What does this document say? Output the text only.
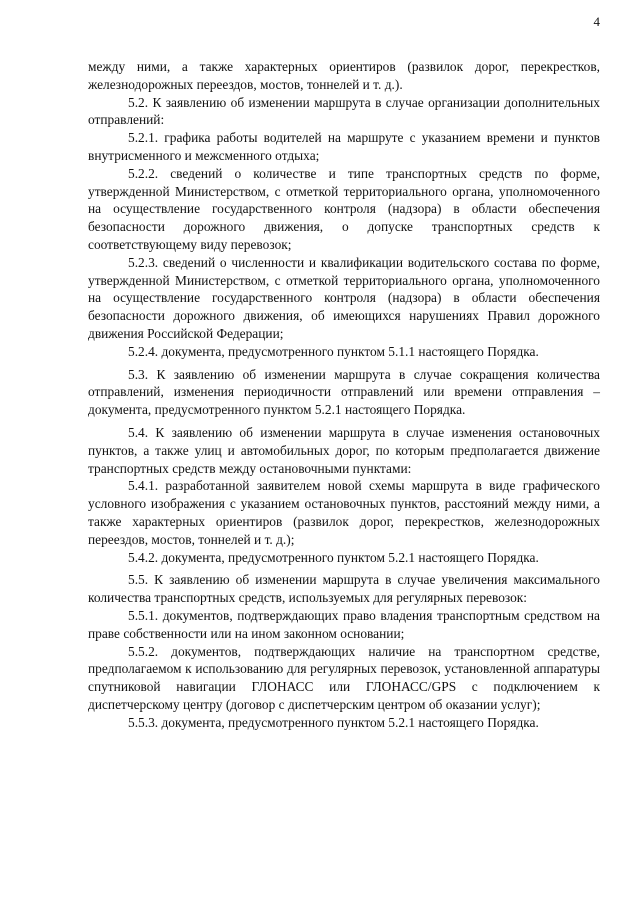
4

между ними, а также характерных ориентиров (развилок дорог, перекрестков, железнодорожных переездов, мостов, тоннелей и т. д.).

5.2. К заявлению об изменении маршрута в случае организации дополнительных отправлений:

5.2.1. графика работы водителей на маршруте с указанием времени и пунктов внутрисменного и межсменного отдыха;

5.2.2. сведений о количестве и типе транспортных средств по форме, утвержденной Министерством, с отметкой территориального органа, уполномоченного на осуществление государственного контроля (надзора) в области обеспечения безопасности дорожного движения, о допуске транспортных средств к соответствующему виду перевозок;

5.2.3. сведений о численности и квалификации водительского состава по форме, утвержденной Министерством, с отметкой территориального органа, уполномоченного на осуществление государственного контроля (надзора) в области обеспечения безопасности дорожного движения, об имеющихся нарушениях Правил дорожного движения Российской Федерации;

5.2.4. документа, предусмотренного пунктом 5.1.1 настоящего Порядка.

5.3. К заявлению об изменении маршрута в случае сокращения количества отправлений, изменения периодичности отправлений или времени отправления – документа, предусмотренного пунктом 5.2.1 настоящего Порядка.

5.4. К заявлению об изменении маршрута в случае изменения остановочных пунктов, а также улиц и автомобильных дорог, по которым предполагается движение транспортных средств между остановочными пунктами:

5.4.1. разработанной заявителем новой схемы маршрута в виде графического условного изображения с указанием остановочных пунктов, расстояний между ними, а также характерных ориентиров (развилок дорог, перекрестков, железнодорожных переездов, мостов, тоннелей и т. д.);

5.4.2. документа, предусмотренного пунктом 5.2.1 настоящего Порядка.

5.5. К заявлению об изменении маршрута в случае увеличения максимального количества транспортных средств, используемых для регулярных перевозок:

5.5.1. документов, подтверждающих право владения транспортным средством на праве собственности или на ином законном основании;

5.5.2. документов, подтверждающих наличие на транспортном средстве, предполагаемом к использованию для регулярных перевозок, установленной аппаратуры спутниковой навигации ГЛОНАСС или ГЛОНАСС/GPS с подключением к диспетчерскому центру (договор с диспетчерским центром об оказании услуг);

5.5.3. документа, предусмотренного пунктом 5.2.1 настоящего Порядка.
